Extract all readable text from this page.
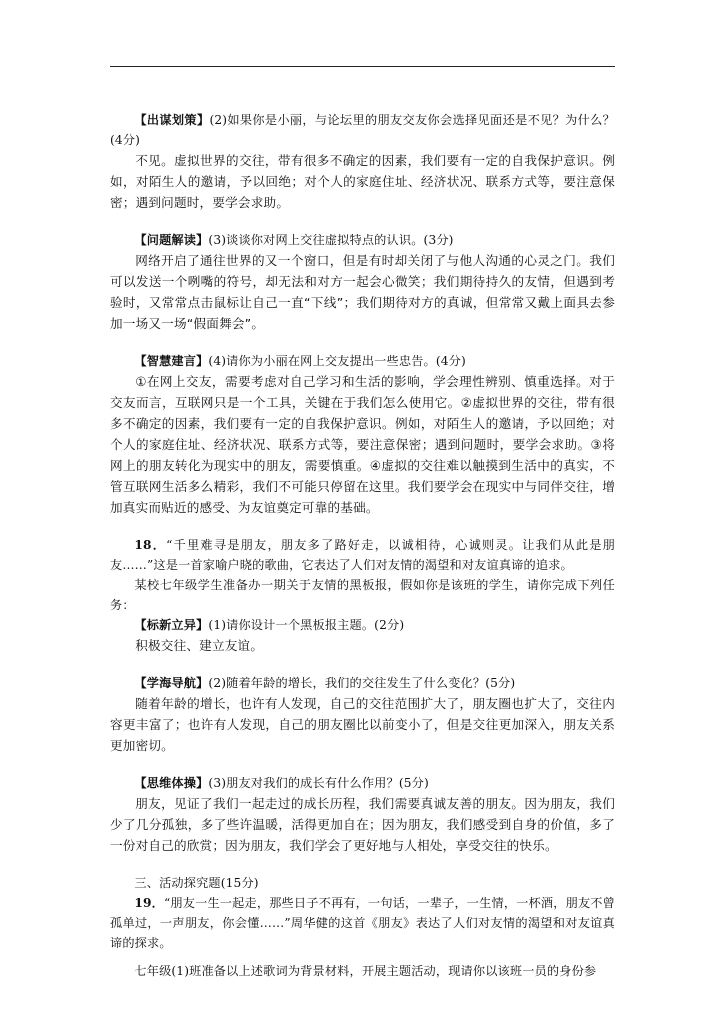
【出谋划策】(2)如果你是小丽，与论坛里的朋友交友你会选择见面还是不见？为什么？(4分)

不见。虚拟世界的交往，带有很多不确定的因素，我们要有一定的自我保护意识。例如，对陌生人的邀请，予以回绝；对个人的家庭住址、经济状况、联系方式等，要注意保密；遇到问题时，要学会求助。

【问题解读】(3)谈谈你对网上交往虚拟特点的认识。(3分)

网络开启了通往世界的又一个窗口，但是有时却关闭了与他人沟通的心灵之门。我们可以发送一个咧嘴的符号，却无法和对方一起会心微笑；我们期待持久的友情，但遇到考验时，又常常点击鼠标让自己一直“下线”；我们期待对方的真诚，但常常又戴上面具去参加一场又一场“假面舞会”。

【智慧建言】(4)请你为小丽在网上交友提出一些忠告。(4分)

①在网上交友，需要考虑对自己学习和生活的影响，学会理性辨别、慎重选择。对于交友而言，互联网只是一个工具，关键在于我们怎么使用它。②虚拟世界的交往，带有很多不确定的因素，我们要有一定的自我保护意识。例如，对陌生人的邀请，予以回绝；对个人的家庭住址、经济状况、联系方式等，要注意保密；遇到问题时，要学会求助。③将网上的朋友转化为现实中的朋友，需要慎重。④虚拟的交往难以触摸到生活中的真实，不管互联网生活多么精彩，我们不可能只停留在这里。我们要学会在现实中与同伴交往，增加真实而贴近的感受、为友谊奠定可靠的基础。

18．“千里难寻是朋友，朋友多了路好走，以诚相待，心诚则灵。让我们从此是朋友……”这是一首家喻户晓的歌曲，它表达了人们对友情的渴望和对友谊真谛的追求。

某校七年级学生准备办一期关于友情的黑板报，假如你是该班的学生，请你完成下列任务：

【标新立异】(1)请你设计一个黑板报主题。(2分)

积极交往、建立友谊。

【学海导航】(2)随着年龄的增长，我们的交往发生了什么变化？(5分)

随着年龄的增长，也许有人发现，自己的交往范围扩大了，朋友圈也扩大了，交往内容更丰富了；也许有人发现，自己的朋友圈比以前变小了，但是交往更加深入，朋友关系更加密切。

【思维体操】(3)朋友对我们的成长有什么作用？(5分)

朋友，见证了我们一起走过的成长历程，我们需要真诚友善的朋友。因为朋友，我们少了几分孤独，多了些许温暖，活得更加自在；因为朋友，我们感受到自身的价值，多了一份对自己的欣赏；因为朋友，我们学会了更好地与人相处，享受交往的快乐。

三、活动探究题(15分)

19．“朋友一生一起走，那些日子不再有，一句话，一辈子，一生情，一杯酒，朋友不曾孤单过，一声朋友，你会懂……”周华健的这首《朋友》表达了人们对友情的渴望和对友谊真谛的探求。

七年级(1)班准备以上述歌词为背景材料，开展主题活动，现请你以该班一员的身份参
